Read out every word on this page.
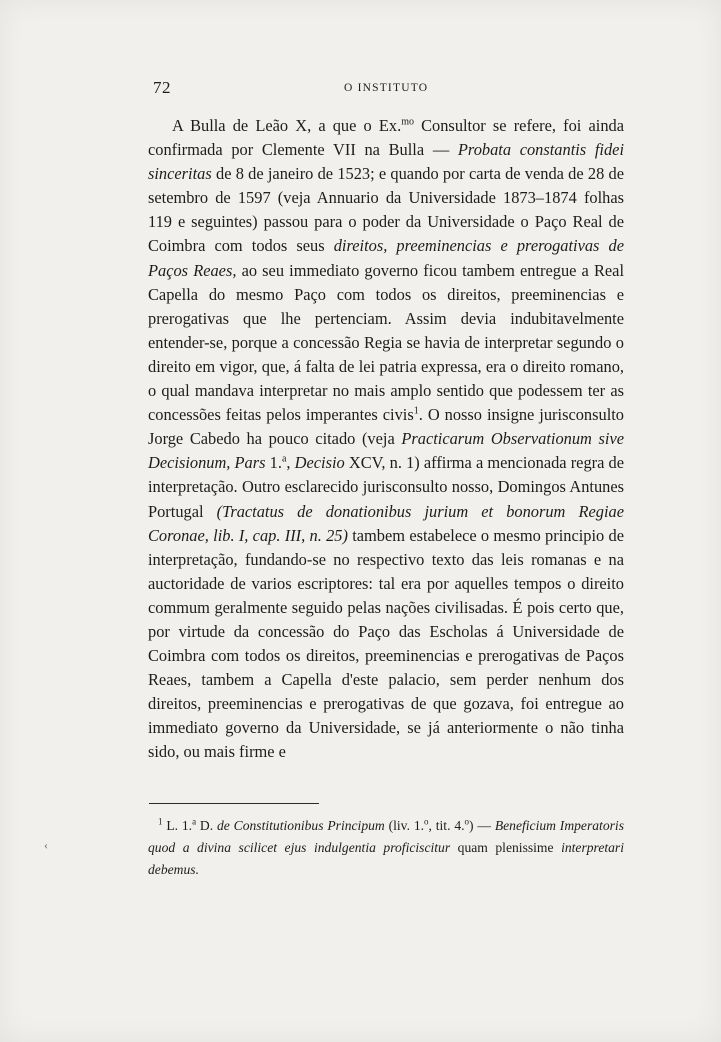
72	O INSTITUTO

A Bulla de Leão X, a que o Ex.$^{mo}$ Consultor se refere, foi ainda confirmada por Clemente VII na Bulla — Probata constantis fidei sinceritas de 8 de janeiro de 1523; e quando por carta de venda de 28 de setembro de 1597 (veja Annuario da Universidade 1873–1874 folhas 119 e seguintes) passou para o poder da Universidade o Paço Real de Coimbra com todos seus direitos, preeminencias e prerogativas de Paços Reaes, ao seu immediato governo ficou tambem entregue a Real Capella do mesmo Paço com todos os direitos, preeminencias e prerogativas que lhe pertenciam. Assim devia indubitavelmente entender-se, porque a concessão Regia se havia de interpretar segundo o direito em vigor, que, á falta de lei patria expressa, era o direito romano, o qual mandava interpretar no mais amplo sentido que podessem ter as concessões feitas pelos imperantes civis$^1$. O nosso insigne jurisconsulto Jorge Cabedo ha pouco citado (veja Practicarum Observationum sive Decisionum, Pars 1.$^a$, Decisio XCV, n. 1) affirma a mencionada regra de interpretação. Outro esclarecido jurisconsulto nosso, Domingos Antunes Portugal (Tractatus de donationibus jurium et bonorum Regiae Coronae, lib. I, cap. III, n. 25) tambem estabelece o mesmo principio de interpretação, fundando-se no respectivo texto das leis romanas e na auctoridade de varios escriptores: tal era por aquelles tempos o direito commum geralmente seguido pelas nações civilisadas. É pois certo que, por virtude da concessão do Paço das Escholas á Universidade de Coimbra com todos os direitos, preeminencias e prerogativas de Paços Reaes, tambem a Capella d'este palacio, sem perder nenhum dos direitos, preeminencias e prerogativas de que gozava, foi entregue ao immediato governo da Universidade, se já anteriormente o não tinha sido, ou mais firme e

$^1$ L. 1.$^a$ D. de Constitutionibus Principum (liv. 1.$^o$, tit. 4.$^o$) — Beneficium Imperatoris quod a divina scilicet ejus indulgentia proficiscitur quam plenissime interpretari debemus.
‹
